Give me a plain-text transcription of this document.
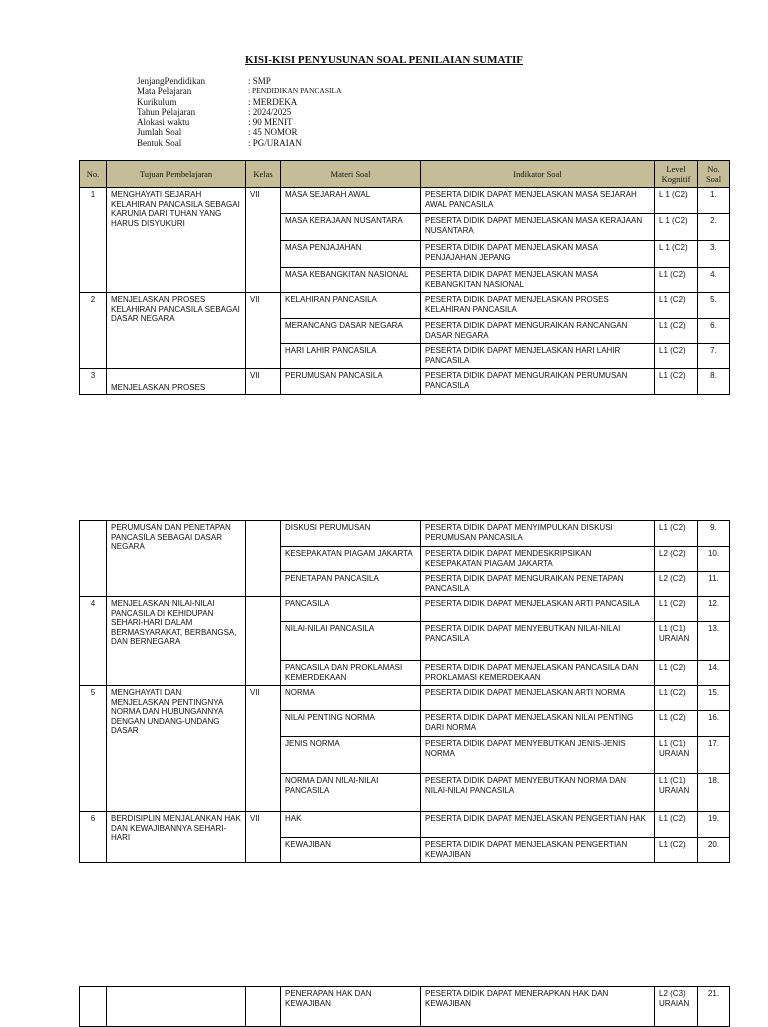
KISI-KISI PENYUSUNAN SOAL PENILAIAN SUMATIF
JenjangPendidikan	: SMP
Mata Pelajaran	: PENDIDIKAN PANCASILA
Kurikulum	: MERDEKA
Tahun Pelajaran	: 2024/2025
Alokasi waktu	: 90 MENIT
Jumlah Soal	: 45 NOMOR
Bentuk Soal	: PG/URAIAN
No.	Tujuan Pembelajaran	Kelas	Materi Soal	Indikator Soal	Level Kognitif	No. Soal
1	MENGHAYATI SEJARAH KELAHIRAN PANCASILA SEBAGAI KARUNIA DARI TUHAN YANG HARUS DISYUKURI	VII	MASA SEJARAH AWAL	PESERTA DIDIK DAPAT MENJELASKAN MASA SEJARAH AWAL PANCASILA	L 1 (C2)	1.
			MASA KERAJAAN NUSANTARA	PESERTA DIDIK DAPAT MENJELASKAN MASA KERAJAAN NUSANTARA	L 1 (C2)	2.
			MASA PENJAJAHAN	PESERTA DIDIK DAPAT MENJELASKAN MASA PENJAJAHAN JEPANG	L 1 (C2)	3.
			MASA KEBANGKITAN NASIONAL	PESERTA DIDIK DAPAT MENJELASKAN MASA KEBANGKITAN NASIONAL	L1 (C2)	4.
2	MENJELASKAN PROSES KELAHIRAN PANCASILA SEBAGAI DASAR NEGARA	VII	KELAHIRAN PANCASILA	PESERTA DIDIK DAPAT MENJELASKAN PROSES KELAHIRAN PANCASILA	L1 (C2)	5.
			MERANCANG DASAR NEGARA	PESERTA DIDIK DAPAT MENGURAIKAN RANCANGAN DASAR NEGARA	L1 (C2)	6.
			HARI LAHIR PANCASILA	PESERTA DIDIK DAPAT MENJELASKAN HARI LAHIR PANCASILA	L1 (C2)	7.
3	MENJELASKAN PROSES	VII	PERUMUSAN PANCASILA	PESERTA DIDIK DAPAT MENGURAIKAN PERUMUSAN PANCASILA	L1 (C2)	8.
	PERUMUSAN DAN PENETAPAN PANCASILA SEBAGAI DASAR NEGARA		DISKUSI PERUMUSAN	PESERTA DIDIK DAPAT MENYIMPULKAN DISKUSI PERUMUSAN PANCASILA	L1 (C2)	9.
			KESEPAKATAN PIAGAM JAKARTA	PESERTA DIDIK DAPAT MENDESKRIPSIKAN KESEPAKATAN PIAGAM JAKARTA	L2 (C2)	10.
			PENETAPAN PANCASILA	PESERTA DIDIK DAPAT MENGURAIKAN PENETAPAN PANCASILA	L2 (C2)	11.
4	MENJELASKAN NILAI-NILAI PANCASILA DI KEHIDUPAN SEHARI-HARI DALAM BERMASYARAKAT, BERBANGSA, DAN BERNEGARA		PANCASILA	PESERTA DIDIK DAPAT MENJELASKAN ARTI PANCASILA	L1 (C2)	12.
			NILAI-NILAI PANCASILA	PESERTA DIDIK DAPAT MENYEBUTKAN NILAI-NILAI PANCASILA	L1 (C1) URAIAN	13.
			PANCASILA DAN PROKLAMASI KEMERDEKAAN	PESERTA DIDIK DAPAT MENJELASKAN PANCASILA DAN PROKLAMASI KEMERDEKAAN	L1 (C2)	14.
5	MENGHAYATI DAN MENJELASKAN PENTINGNYA NORMA DAN HUBUNGANNYA DENGAN UNDANG-UNDANG DASAR	VII	NORMA	PESERTA DIDIK DAPAT MENJELASKAN ARTI NORMA	L1 (C2)	15.
			NILAI PENTING NORMA	PESERTA DIDIK DAPAT MENJELASKAN NILAI PENTING DARI NORMA	L1 (C2)	16.
			JENIS NORMA	PESERTA DIDIK DAPAT MENYEBUTKAN JENIS-JENIS NORMA	L1 (C1) URAIAN	17.
			NORMA DAN NILAI-NILAI PANCASILA	PESERTA DIDIK DAPAT MENYEBUTKAN NORMA DAN NILAI-NILAI PANCASILA	L1 (C1) URAIAN	18.
6	BERDISIPLIN MENJALANKAN HAK DAN KEWAJIBANNYA SEHARI-HARI	VII	HAK	PESERTA DIDIK DAPAT MENJELASKAN PENGERTIAN HAK	L1 (C2)	19.
			KEWAJIBAN	PESERTA DIDIK DAPAT MENJELASKAN PENGERTIAN KEWAJIBAN	L1 (C2)	20.
			PENERAPAN HAK DAN KEWAJIBAN	PESERTA DIDIK DAPAT MENERAPKAN HAK DAN KEWAJIBAN	L2 (C3) URAIAN	21.
